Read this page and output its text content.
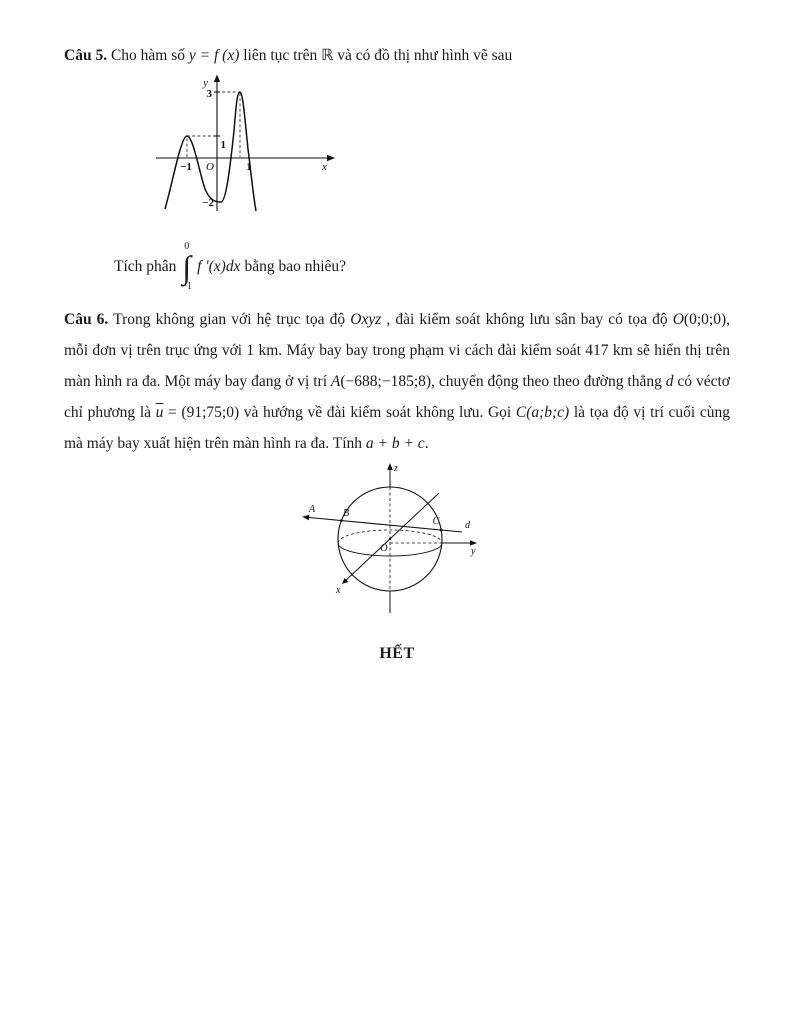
Câu 5. Cho hàm số y = f (x) liên tục trên ℝ và có đồ thị như hình vẽ sau

y
3
1
−1 O	1	x
−2
Tích phân
0
∫
−1
f ′(x)dx bằng bao nhiêu?

Câu 6. Trong không gian với hệ trục tọa độ Oxyz , đài kiểm soát không lưu sân bay có tọa độ O(0;0;0), mỗi đơn vị trên trục ứng với 1 km. Máy bay bay trong phạm vi cách đài kiểm soát 417 km sẽ hiển thị trên màn hình ra đa. Một máy bay đang ở vị trí A(−688;−185;8), chuyển động theo theo đường thẳng d có véctơ chỉ phương là $\overline{u}$ = (91;75;0) và hướng về đài kiểm soát không lưu. Gọi C(a;b;c) là tọa độ vị trí cuối cùng mà máy bay xuất hiện trên màn hình ra đa. Tính a + b + c.

z
y
x
d
A	B
C
O

HẾT
